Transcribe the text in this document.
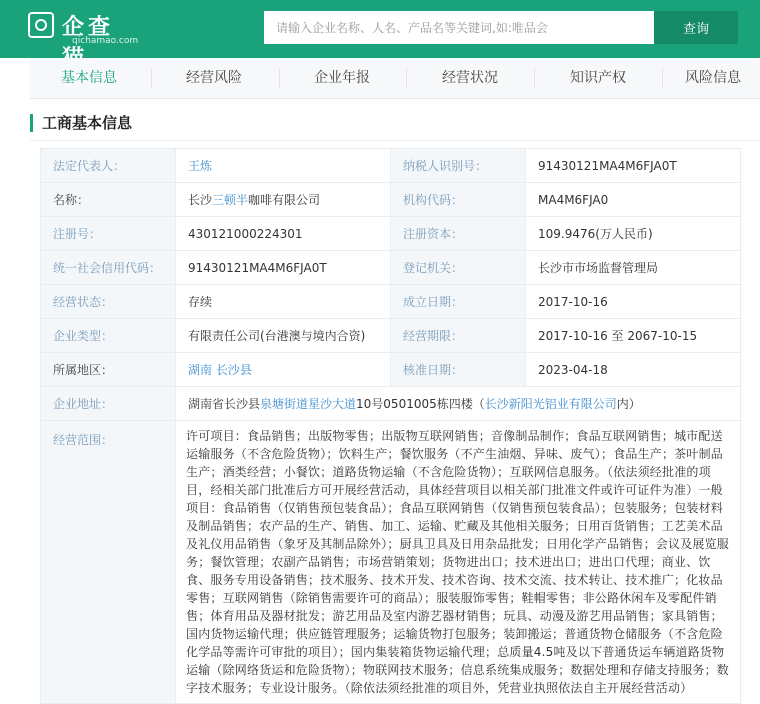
企查
qichamao.com
请输入企业名称、人名、产品名等关键词,如:唯品会
查询
基本信息	经营风险	企业年报	经营状况	知识产权	风险信息
工商基本信息
法定代表人：	王炼	纳税人识别号：	91430121MA4M6FJA0T
名称：	长沙三顿半咖啡有限公司	机构代码：	MA4M6FJA0
注册号：	430121000224301	注册资本：	109.9476(万人民币)
统一社会信用代码：	91430121MA4M6FJA0T	登记机关：	长沙市市场监督管理局
经营状态：	存续	成立日期：	2017-10-16
企业类型：	有限责任公司(台港澳与境内合资)	经营期限：	2017-10-16 至 2067-10-15
所属地区：	湖南 长沙县	核准日期：	2023-04-18
企业地址：	湖南省长沙县泉塘街道星沙大道10号0501005栋四楼（长沙新阳光铝业有限公司内）		
经营范围：	许可项目：食品销售；出版物零售；出版物互联网销售；音像制品制作；食品互联网销售；城市配送运输服务（不含危险货物）；饮料生产；餐饮服务（不产生油烟、异味、废气）；食品生产；茶叶制品生产；酒类经营；小餐饮；道路货物运输（不含危险货物）；互联网信息服务。（依法须经批准的项目，经相关部门批准后方可开展经营活动，具体经营项目以相关部门批准文件或许可证件为准）一般项目：食品销售（仅销售预包装食品）；食品互联网销售（仅销售预包装食品）；包装服务；包装材料及制品销售；农产品的生产、销售、加工、运输、贮藏及其他相关服务；日用百货销售；工艺美术品及礼仪用品销售（象牙及其制品除外）；厨具卫具及日用杂品批发；日用化学产品销售；会议及展览服务；餐饮管理；农副产品销售；市场营销策划；货物进出口；技术进出口；进出口代理；商业、饮食、服务专用设备销售；技术服务、技术开发、技术咨询、技术交流、技术转让、技术推广；化妆品零售；互联网销售（除销售需要许可的商品）；服装服饰零售；鞋帽零售；非公路休闲车及零配件销售；体育用品及器材批发；游艺用品及室内游艺器材销售；玩具、动漫及游艺用品销售；家具销售；国内货物运输代理；供应链管理服务；运输货物打包服务；装卸搬运；普通货物仓储服务（不含危险化学品等需许可审批的项目）；国内集装箱货物运输代理；总质量4.5吨及以下普通货运车辆道路货物运输（除网络货运和危险货物）；物联网技术服务；信息系统集成服务；数据处理和存储支持服务；数字技术服务；专业设计服务。（除依法须经批准的项目外，凭营业执照依法自主开展经营活动）		
